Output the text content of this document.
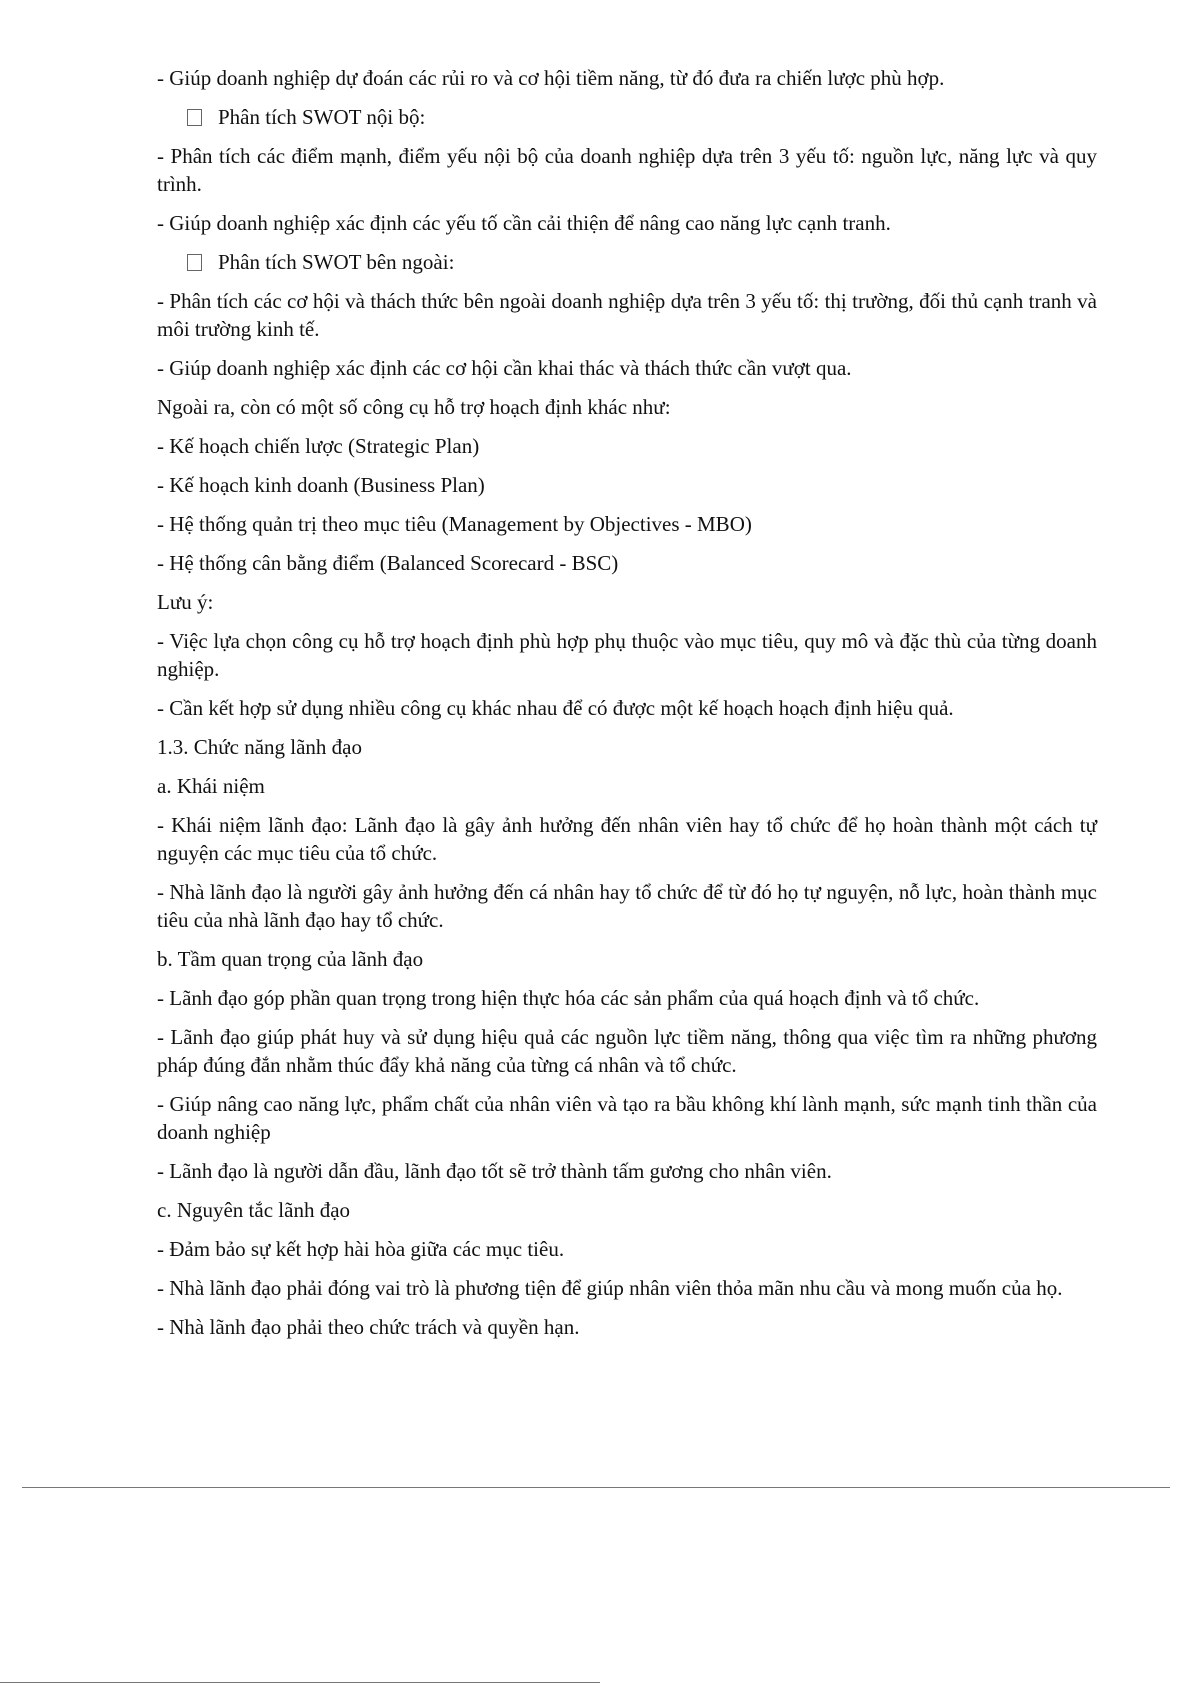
- Giúp doanh nghiệp dự đoán các rủi ro và cơ hội tiềm năng, từ đó đưa ra chiến lược phù hợp.

Phân tích SWOT nội bộ:

- Phân tích các điểm mạnh, điểm yếu nội bộ của doanh nghiệp dựa trên 3 yếu tố: nguồn lực, năng lực và quy trình.

- Giúp doanh nghiệp xác định các yếu tố cần cải thiện để nâng cao năng lực cạnh tranh.

Phân tích SWOT bên ngoài:

- Phân tích các cơ hội và thách thức bên ngoài doanh nghiệp dựa trên 3 yếu tố: thị trường, đối thủ cạnh tranh và môi trường kinh tế.

- Giúp doanh nghiệp xác định các cơ hội cần khai thác và thách thức cần vượt qua.

Ngoài ra, còn có một số công cụ hỗ trợ hoạch định khác như:

- Kế hoạch chiến lược (Strategic Plan)

- Kế hoạch kinh doanh (Business Plan)

- Hệ thống quản trị theo mục tiêu (Management by Objectives - MBO)

- Hệ thống cân bằng điểm (Balanced Scorecard - BSC)

Lưu ý:

- Việc lựa chọn công cụ hỗ trợ hoạch định phù hợp phụ thuộc vào mục tiêu, quy mô và đặc thù của từng doanh nghiệp.

- Cần kết hợp sử dụng nhiều công cụ khác nhau để có được một kế hoạch hoạch định hiệu quả.

1.3. Chức năng lãnh đạo

a. Khái niệm

- Khái niệm lãnh đạo: Lãnh đạo là gây ảnh hưởng đến nhân viên hay tổ chức để họ hoàn thành một cách tự nguyện các mục tiêu của tổ chức.

- Nhà lãnh đạo là người gây ảnh hưởng đến cá nhân hay tổ chức để từ đó họ tự nguyện, nỗ lực, hoàn thành mục tiêu của nhà lãnh đạo hay tổ chức.

b. Tầm quan trọng của lãnh đạo

- Lãnh đạo góp phần quan trọng trong hiện thực hóa các sản phẩm của quá hoạch định và tổ chức.

- Lãnh đạo giúp phát huy và sử dụng hiệu quả các nguồn lực tiềm năng, thông qua việc tìm ra những phương pháp đúng đắn nhằm thúc đẩy khả năng của từng cá nhân và tổ chức.

- Giúp nâng cao năng lực, phẩm chất của nhân viên và tạo ra bầu không khí lành mạnh, sức mạnh tinh thần của doanh nghiệp

- Lãnh đạo là người dẫn đầu, lãnh đạo tốt sẽ trở thành tấm gương cho nhân viên.

c. Nguyên tắc lãnh đạo

- Đảm bảo sự kết hợp hài hòa giữa các mục tiêu.

- Nhà lãnh đạo phải đóng vai trò là phương tiện để giúp nhân viên thỏa mãn nhu cầu và mong muốn của họ.

- Nhà lãnh đạo phải theo chức trách và quyền hạn.
